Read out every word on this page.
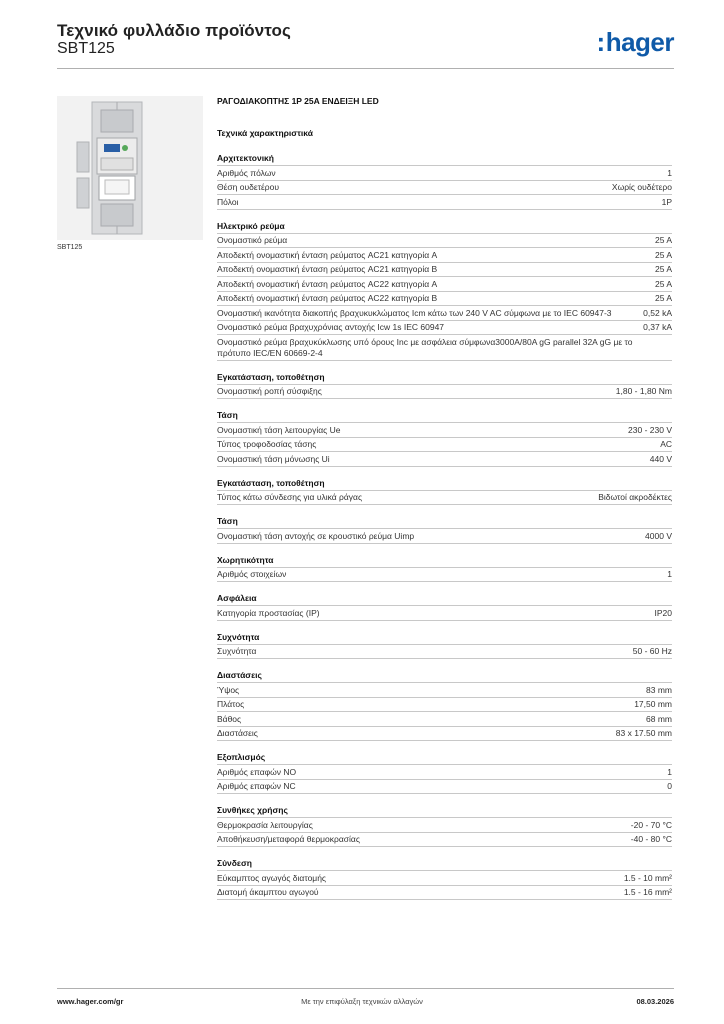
Τεχνικό φυλλάδιο προϊόντος
SBT125	:hager
SBT125
ΡΑΓΟΔΙΑΚΟΠΤΗΣ 1P 25A ΕΝΔΕΙΞΗ LED
Τεχνικά χαρακτηριστικά
Αρχιτεκτονική
Αριθμός πόλων	1
Θέση ουδετέρου	Χωρίς ουδέτερο
Πόλοι	1P
Ηλεκτρικό ρεύμα
Ονομαστικό ρεύμα	25 A
Αποδεκτή ονομαστική ένταση ρεύματος AC21 κατηγορία A	25 A
Αποδεκτή ονομαστική ένταση ρεύματος AC21 κατηγορία B	25 A
Αποδεκτή ονομαστική ένταση ρεύματος AC22 κατηγορία A	25 A
Αποδεκτή ονομαστική ένταση ρεύματος AC22 κατηγορία B	25 A
Ονομαστική ικανότητα διακοπής βραχυκυκλώματος Icm κάτω των 240 V AC σύμφωνα με το IEC 60947-3	0,52 kA
Ονομαστικό ρεύμα βραχυχρόνιας αντοχής Icw 1s IEC 60947	0,37 kA
Ονομαστικό ρεύμα βραχυκύκλωσης υπό όρους Inc με ασφάλεια σύμφωνα3000A/80A gG parallel 32A gG με το πρότυπο IEC/EN 60669-2-4
Εγκατάσταση, τοποθέτηση
Ονομαστική ροπή σύσφιξης	1,80 - 1,80 Nm
Τάση
Ονομαστική τάση λειτουργίας Ue	230 - 230 V
Τύπος τροφοδοσίας τάσης	AC
Ονομαστική τάση μόνωσης Ui	440 V
Εγκατάσταση, τοποθέτηση
Τύπος κάτω σύνδεσης για υλικά ράγας	Βιδωτοί ακροδέκτες
Τάση
Ονομαστική τάση αντοχής σε κρουστικό ρεύμα Uimp	4000 V
Χωρητικότητα
Αριθμός στοιχείων	1
Ασφάλεια
Κατηγορία προστασίας (IP)	IP20
Συχνότητα
Συχνότητα	50 - 60 Hz
Διαστάσεις
Ύψος	83 mm
Πλάτος	17,50 mm
Βάθος	68 mm
Διαστάσεις	83 x 17.50 mm
Εξοπλισμός
Αριθμός επαφών NO	1
Αριθμός επαφών NC	0
Συνθήκες χρήσης
Θερμοκρασία λειτουργίας	-20 - 70 °C
Αποθήκευση/μεταφορά θερμοκρασίας	-40 - 80 °C
Σύνδεση
Εύκαμπτος αγωγός διατομής	1.5 - 10 mm²
Διατομή άκαμπτου αγωγού	1.5 - 16 mm²
www.hager.com/gr	Με την επιφύλαξη τεχνικών αλλαγών	08.03.2026
